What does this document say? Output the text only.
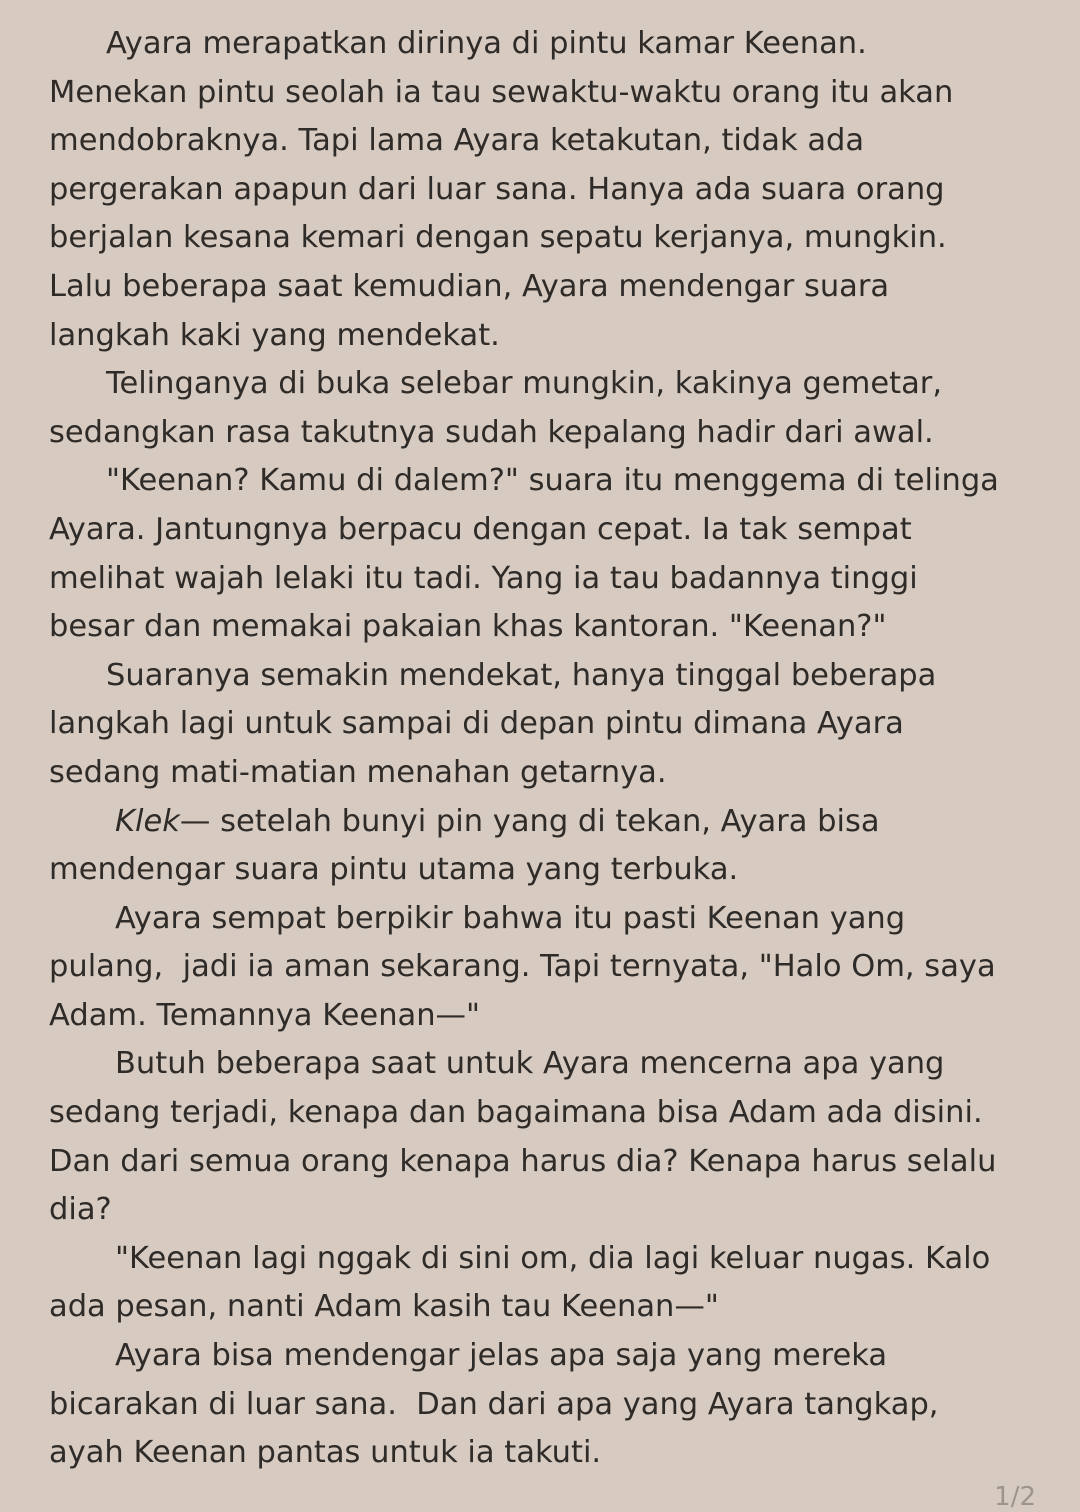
Ayara merapatkan dirinya di pintu kamar Keenan.
Menekan pintu seolah ia tau sewaktu-waktu orang itu akan
mendobraknya. Tapi lama Ayara ketakutan, tidak ada
pergerakan apapun dari luar sana. Hanya ada suara orang
berjalan kesana kemari dengan sepatu kerjanya, mungkin.
Lalu beberapa saat kemudian, Ayara mendengar suara
langkah kaki yang mendekat.
Telinganya di buka selebar mungkin, kakinya gemetar,
sedangkan rasa takutnya sudah kepalang hadir dari awal.
"Keenan? Kamu di dalem?" suara itu menggema di telinga
Ayara. Jantungnya berpacu dengan cepat. Ia tak sempat
melihat wajah lelaki itu tadi. Yang ia tau badannya tinggi
besar dan memakai pakaian khas kantoran. "Keenan?"
Suaranya semakin mendekat, hanya tinggal beberapa
langkah lagi untuk sampai di depan pintu dimana Ayara
sedang mati-matian menahan getarnya.
Klek— setelah bunyi pin yang di tekan, Ayara bisa
mendengar suara pintu utama yang terbuka.
Ayara sempat berpikir bahwa itu pasti Keenan yang
pulang,  jadi ia aman sekarang. Tapi ternyata, "Halo Om, saya
Adam. Temannya Keenan—"
Butuh beberapa saat untuk Ayara mencerna apa yang
sedang terjadi, kenapa dan bagaimana bisa Adam ada disini.
Dan dari semua orang kenapa harus dia? Kenapa harus selalu
dia?
"Keenan lagi nggak di sini om, dia lagi keluar nugas. Kalo
ada pesan, nanti Adam kasih tau Keenan—"
Ayara bisa mendengar jelas apa saja yang mereka
bicarakan di luar sana.  Dan dari apa yang Ayara tangkap,
ayah Keenan pantas untuk ia takuti.
1/2
